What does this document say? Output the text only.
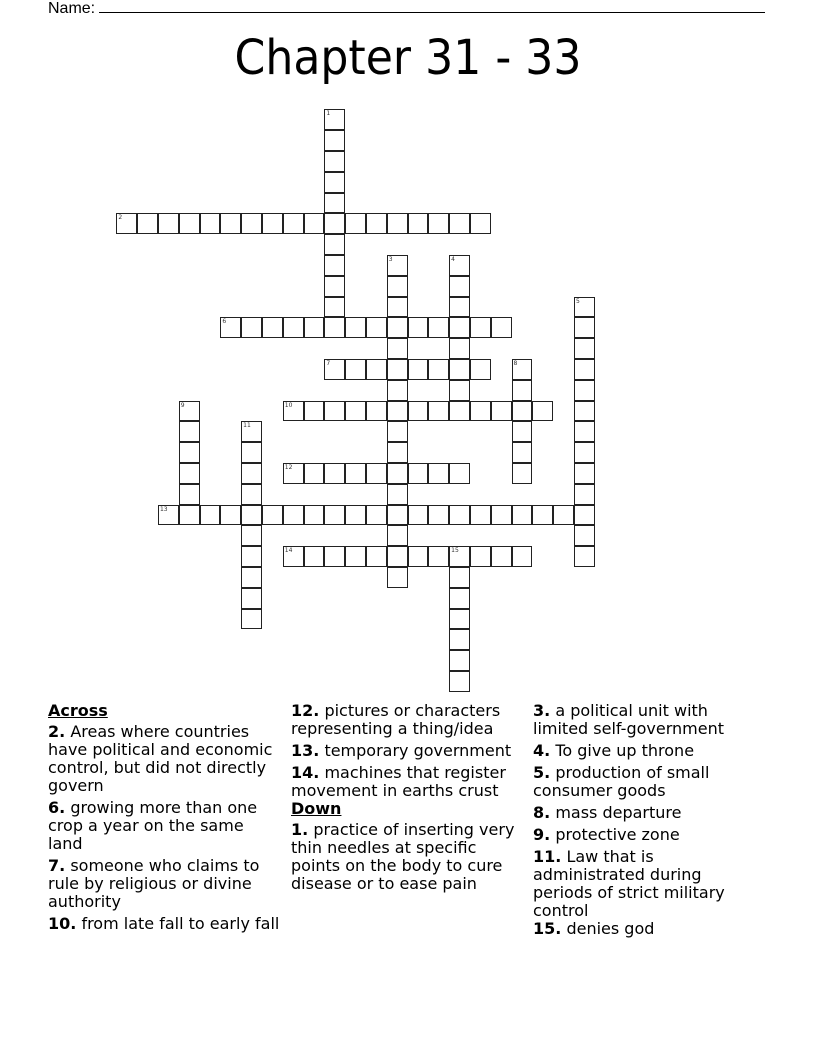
Name:
Chapter 31 - 33
1
2
3	4
5
6
7	8
9	10
11
12
13
14	15
Across
2. Areas where countries have political and economic control, but did not directly govern
6. growing more than one crop a year on the same land
7. someone who claims to rule by religious or divine authority
10. from late fall to early fall
12. pictures or characters representing a thing/idea
13. temporary government
14. machines that register movement in earths crust
Down
1. practice of inserting very thin needles at specific points on the body to cure disease or to ease pain
3. a political unit with limited self-government
4. To give up throne
5. production of small consumer goods
8. mass departure
9. protective zone
11. Law that is administrated during periods of strict military control
15. denies god
